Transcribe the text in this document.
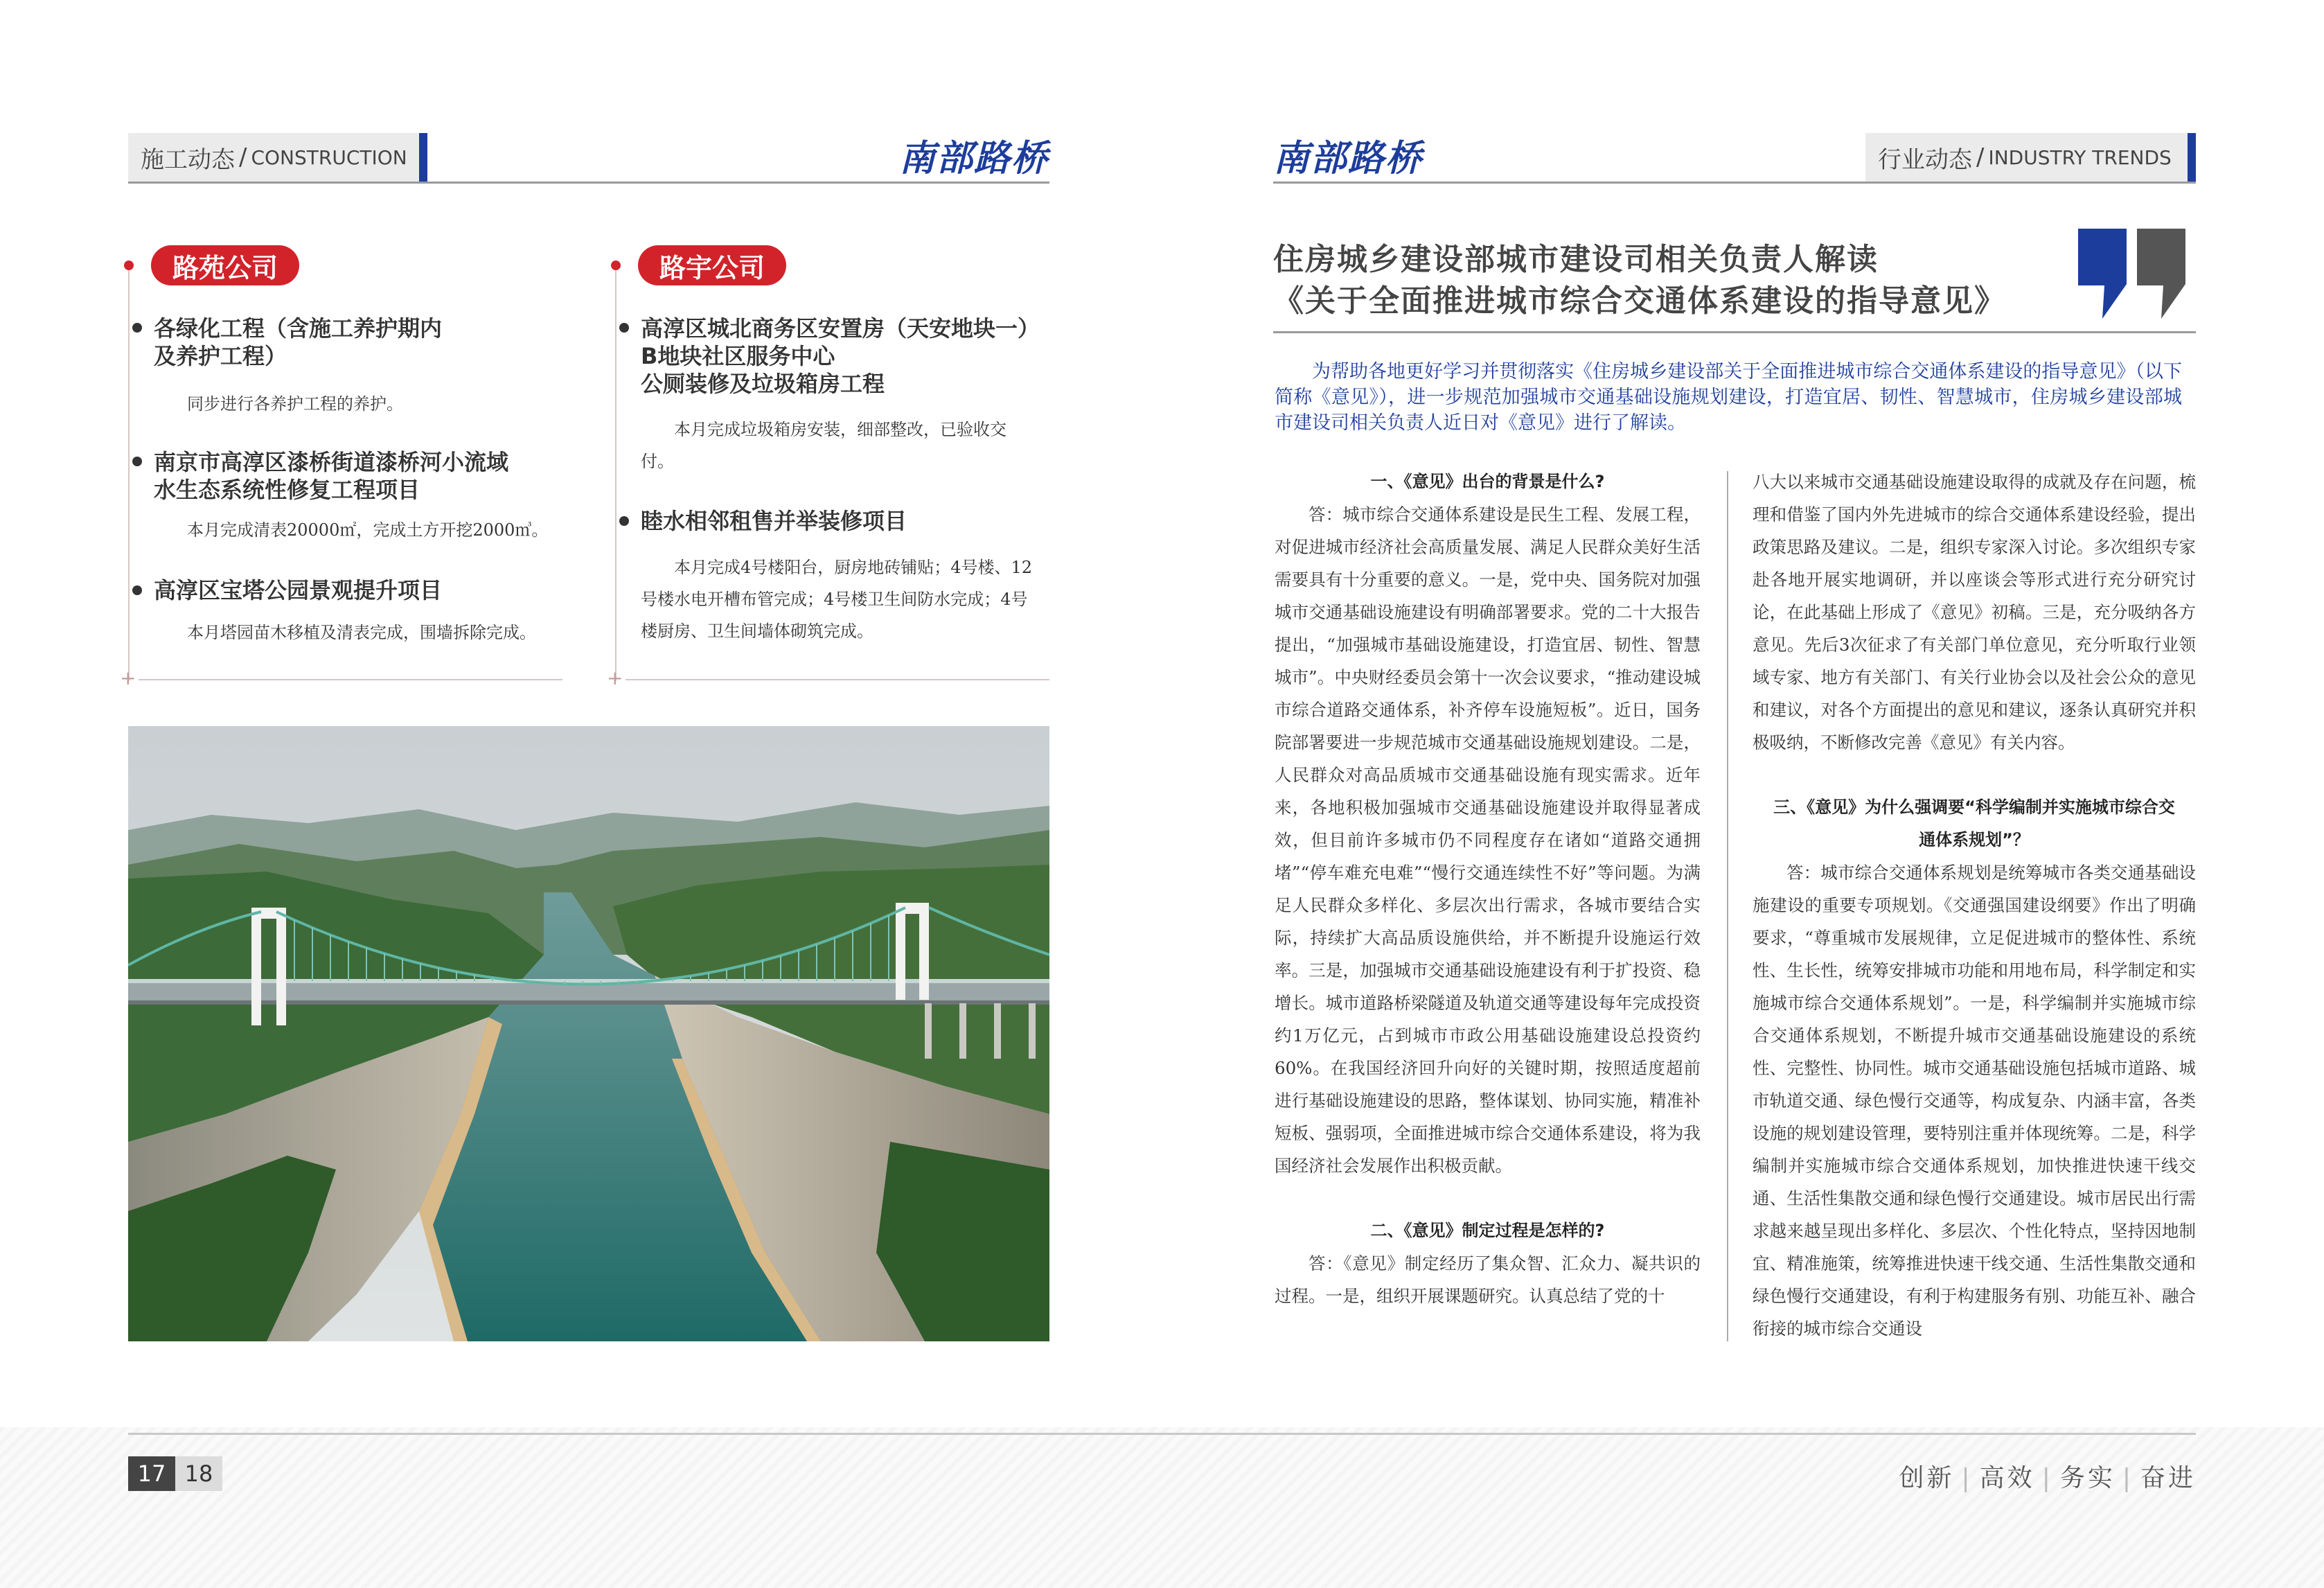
施工动态 / CONSTRUCTION	南部路桥	南部路桥	行业动态 / INDUSTRY TRENDS
路苑公司
各绿化工程（含施工养护期内
及养护工程）
同步进行各养护工程的养护。
南京市高淳区漆桥街道漆桥河小流域
水生态系统性修复工程项目
本月完成清表20000㎡，完成土方开挖2000㎥。
高淳区宝塔公园景观提升项目
本月塔园苗木移植及清表完成，围墙拆除完成。
+
路宇公司
高淳区城北商务区安置房（天安地块一）
B地块社区服务中心
公厕装修及垃圾箱房工程
本月完成垃圾箱房安装，细部整改，已验收交
付。
睦水相邻租售并举装修项目
本月完成4号楼阳台，厨房地砖铺贴；4号楼、12
号楼水电开槽布管完成；4号楼卫生间防水完成；4号
楼厨房、卫生间墙体砌筑完成。
+
住房城乡建设部城市建设司相关负责人解读
《关于全面推进城市综合交通体系建设的指导意见》
为帮助各地更好学习并贯彻落实《住房城乡建设部关于全面推进城市综合交通体系建设的指导意见》（以下简称《意见》），进一步规范加强城市交通基础设施规划建设，打造宜居、韧性、智慧城市，住房城乡建设部城市建设司相关负责人近日对《意见》进行了解读。
一、《意见》出台的背景是什么?

答：城市综合交通体系建设是民生工程、发展工程，对促进城市经济社会高质量发展、满足人民群众美好生活需要具有十分重要的意义。一是，党中央、国务院对加强城市交通基础设施建设有明确部署要求。党的二十大报告提出，“加强城市基础设施建设，打造宜居、韧性、智慧城市”。中央财经委员会第十一次会议要求，“推动建设城市综合道路交通体系，补齐停车设施短板”。近日，国务院部署要进一步规范城市交通基础设施规划建设。二是，人民群众对高品质城市交通基础设施有现实需求。近年来，各地积极加强城市交通基础设施建设并取得显著成效，但目前许多城市仍不同程度存在诸如“道路交通拥堵”“停车难充电难”“慢行交通连续性不好”等问题。为满足人民群众多样化、多层次出行需求，各城市要结合实际，持续扩大高品质设施供给，并不断提升设施运行效率。三是，加强城市交通基础设施建设有利于扩投资、稳增长。城市道路桥梁隧道及轨道交通等建设每年完成投资约1万亿元，占到城市市政公用基础设施建设总投资约60%。在我国经济回升向好的关键时期，按照适度超前进行基础设施建设的思路，整体谋划、协同实施，精准补短板、强弱项，全面推进城市综合交通体系建设，将为我国经济社会发展作出积极贡献。

二、《意见》制定过程是怎样的?

答：《意见》制定经历了集众智、汇众力、凝共识的过程。一是，组织开展课题研究。认真总结了党的十

八大以来城市交通基础设施建设取得的成就及存在问题，梳理和借鉴了国内外先进城市的综合交通体系建设经验，提出政策思路及建议。二是，组织专家深入讨论。多次组织专家赴各地开展实地调研，并以座谈会等形式进行充分研究讨论，在此基础上形成了《意见》初稿。三是，充分吸纳各方意见。先后3次征求了有关部门单位意见，充分听取行业领域专家、地方有关部门、有关行业协会以及社会公众的意见和建议，对各个方面提出的意见和建议，逐条认真研究并积极吸纳，不断修改完善《意见》有关内容。

三、《意见》为什么强调要“科学编制并实施城市综合交
通体系规划”？

答：城市综合交通体系规划是统筹城市各类交通基础设施建设的重要专项规划。《交通强国建设纲要》作出了明确要求，“尊重城市发展规律，立足促进城市的整体性、系统性、生长性，统筹安排城市功能和用地布局，科学制定和实施城市综合交通体系规划”。一是，科学编制并实施城市综合交通体系规划，不断提升城市交通基础设施建设的系统性、完整性、协同性。城市交通基础设施包括城市道路、城市轨道交通、绿色慢行交通等，构成复杂、内涵丰富，各类设施的规划建设管理，要特别注重并体现统筹。二是，科学编制并实施城市综合交通体系规划，加快推进快速干线交通、生活性集散交通和绿色慢行交通建设。城市居民出行需求越来越呈现出多样化、多层次、个性化特点，坚持因地制宜、精准施策，统筹推进快速干线交通、生活性集散交通和绿色慢行交通建设，有利于构建服务有别、功能互补、融合衔接的城市综合交通设

17 18	创新 | 高效 | 务实 | 奋进
